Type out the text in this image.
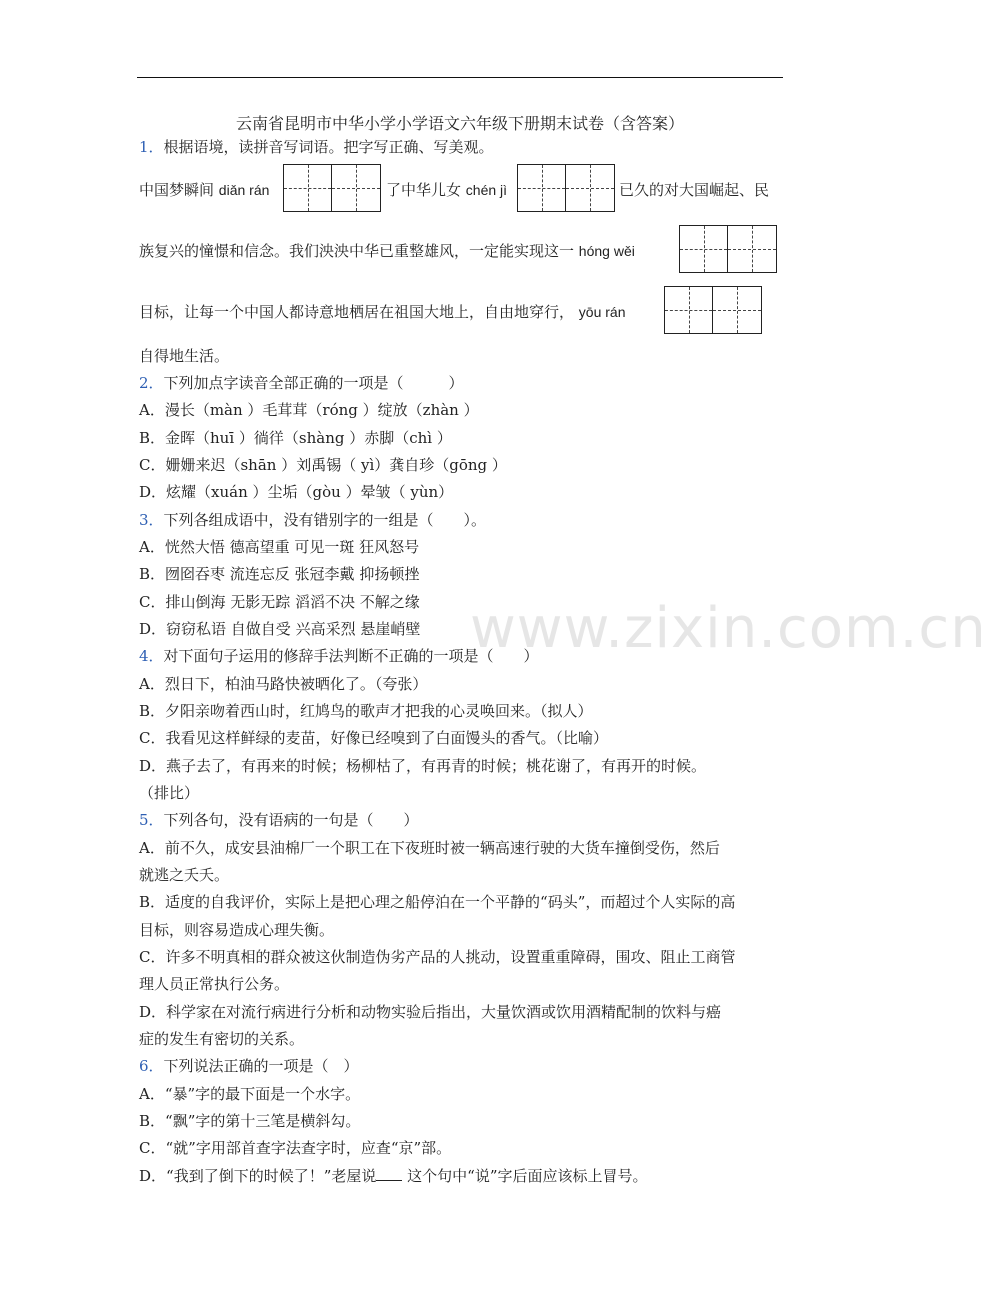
www.zixin.com.cn
云南省昆明市中华小学小学语文六年级下册期末试卷（含答案）
1．根据语境，读拼音写词语。把字写正确、写美观。
中国梦瞬间 diǎn rán	了中华儿女 chén jì	已久的对大国崛起、民
族复兴的憧憬和信念。我们泱泱中华已重整雄风，一定能实现这一 hóng wěi
目标，让每一个中国人都诗意地栖居在祖国大地上，自由地穿行， yōu rán
自得地生活。
2．下列加点字读音全部正确的一项是（　　　）
A．漫长（màn ）毛茸茸（róng ）绽放（zhàn ）
B．金晖（huī ）徜徉（shàng ）赤脚（chì ）
C．姗姗来迟（shān ）刘禹锡（ yì）龚自珍（gōng ）
D．炫耀（xuán ）尘垢（gòu ）晕皱（ yùn）
3．下列各组成语中，没有错别字的一组是（　　）。
A．恍然大悟 德高望重 可见一斑 狂风怒号
B．囫囵吞枣 流连忘反 张冠李戴 抑扬顿挫
C．排山倒海 无影无踪 滔滔不决 不解之缘
D．窃窃私语 自做自受 兴高采烈 悬崖峭壁
4．对下面句子运用的修辞手法判断不正确的一项是（　　）
A．烈日下，柏油马路快被晒化了。（夸张）
B．夕阳亲吻着西山时，红鸠鸟的歌声才把我的心灵唤回来。（拟人）
C．我看见这样鲜绿的麦苗，好像已经嗅到了白面馒头的香气。（比喻）
D．燕子去了，有再来的时候；杨柳枯了，有再青的时候；桃花谢了，有再开的时候。
（排比）
5．下列各句，没有语病的一句是（　　）
A．前不久，成安县油棉厂一个职工在下夜班时被一辆高速行驶的大货车撞倒受伤，然后
就逃之夭夭。
B．适度的自我评价，实际上是把心理之船停泊在一个平静的“码头”，而超过个人实际的高
目标，则容易造成心理失衡。
C．许多不明真相的群众被这伙制造伪劣产品的人挑动，设置重重障碍，围攻、阻止工商管
理人员正常执行公务。
D．科学家在对流行病进行分析和动物实验后指出，大量饮酒或饮用酒精配制的饮料与癌
症的发生有密切的关系。
6．下列说法正确的一项是（　）
A．“暴”字的最下面是一个水字。
B．“飘”字的第十三笔是横斜勾。
C．“就”字用部首查字法查字时，应查“京”部。
D．“我到了倒下的时候了！”老屋说 这个句中“说”字后面应该标上冒号。
